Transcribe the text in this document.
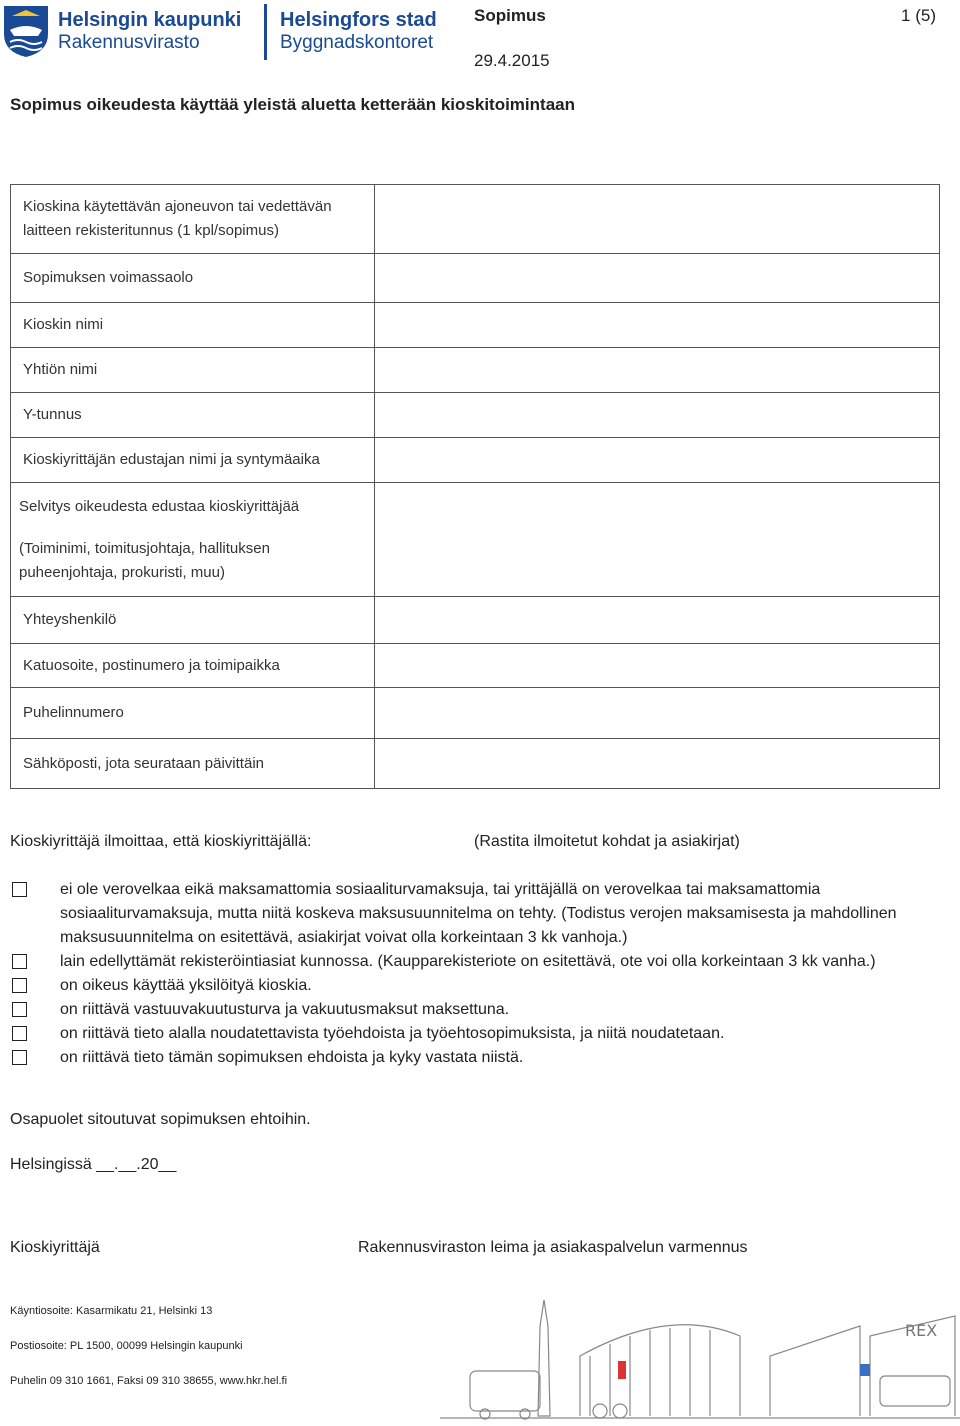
Helsingin kaupunki
Rakennusvirasto
Helsingfors stad
Byggnadskontoret
Sopimus	1 (5)
29.4.2015
Sopimus oikeudesta käyttää yleistä aluetta ketterään kioskitoimintaan
Kioskina käytettävän ajoneuvon tai vedettävän
laitteen rekisteritunnus (1 kpl/sopimus)	

Sopimuksen voimassaolo	
Kioskin nimi	
Yhtiön nimi	
Y-tunnus	
Kioskiyrittäjän edustajan nimi ja syntymäaika	

Selvitys oikeudesta edustaa kioskiyrittäjää
(Toiminimi, toimitusjohtaja, hallituksen
puheenjohtaja, prokuristi, muu)	

Yhteyshenkilö	
Katuosoite, postinumero ja toimipaikka	
Puhelinnumero	
Sähköposti, jota seurataan päivittäin	
Kioskiyrittäjä ilmoittaa, että kioskiyrittäjällä:	(Rastita ilmoitetut kohdat ja asiakirjat)
ei ole verovelkaa eikä maksamattomia sosiaaliturvamaksuja, tai yrittäjällä on verovelkaa tai maksamattomia sosiaaliturvamaksuja, mutta niitä koskeva maksusuunnitelma on tehty. (Todistus verojen maksamisesta ja mahdollinen maksusuunnitelma on esitettävä, asiakirjat voivat olla korkeintaan 3 kk vanhoja.)
lain edellyttämät rekisteröintiasiat kunnossa. (Kaupparekisteriote on esitettävä, ote voi olla korkeintaan 3 kk vanha.)
on oikeus käyttää yksilöityä kioskia.
on riittävä vastuuvakuutusturva ja vakuutusmaksut maksettuna.
on riittävä tieto alalla noudatettavista työehdoista ja työehtosopimuksista, ja niitä noudatetaan.
on riittävä tieto tämän sopimuksen ehdoista ja kyky vastata niistä.
Osapuolet sitoutuvat sopimuksen ehtoihin.
Helsingissä __.__.20__
Kioskiyrittäjä	Rakennusviraston leima ja asiakaspalvelun varmennus
Käyntiosoite: Kasarmikatu 21, Helsinki 13
Postiosoite: PL 1500, 00099 Helsingin kaupunki
Puhelin 09 310 1661, Faksi 09 310 38655, www.hkr.hel.fi
REX
